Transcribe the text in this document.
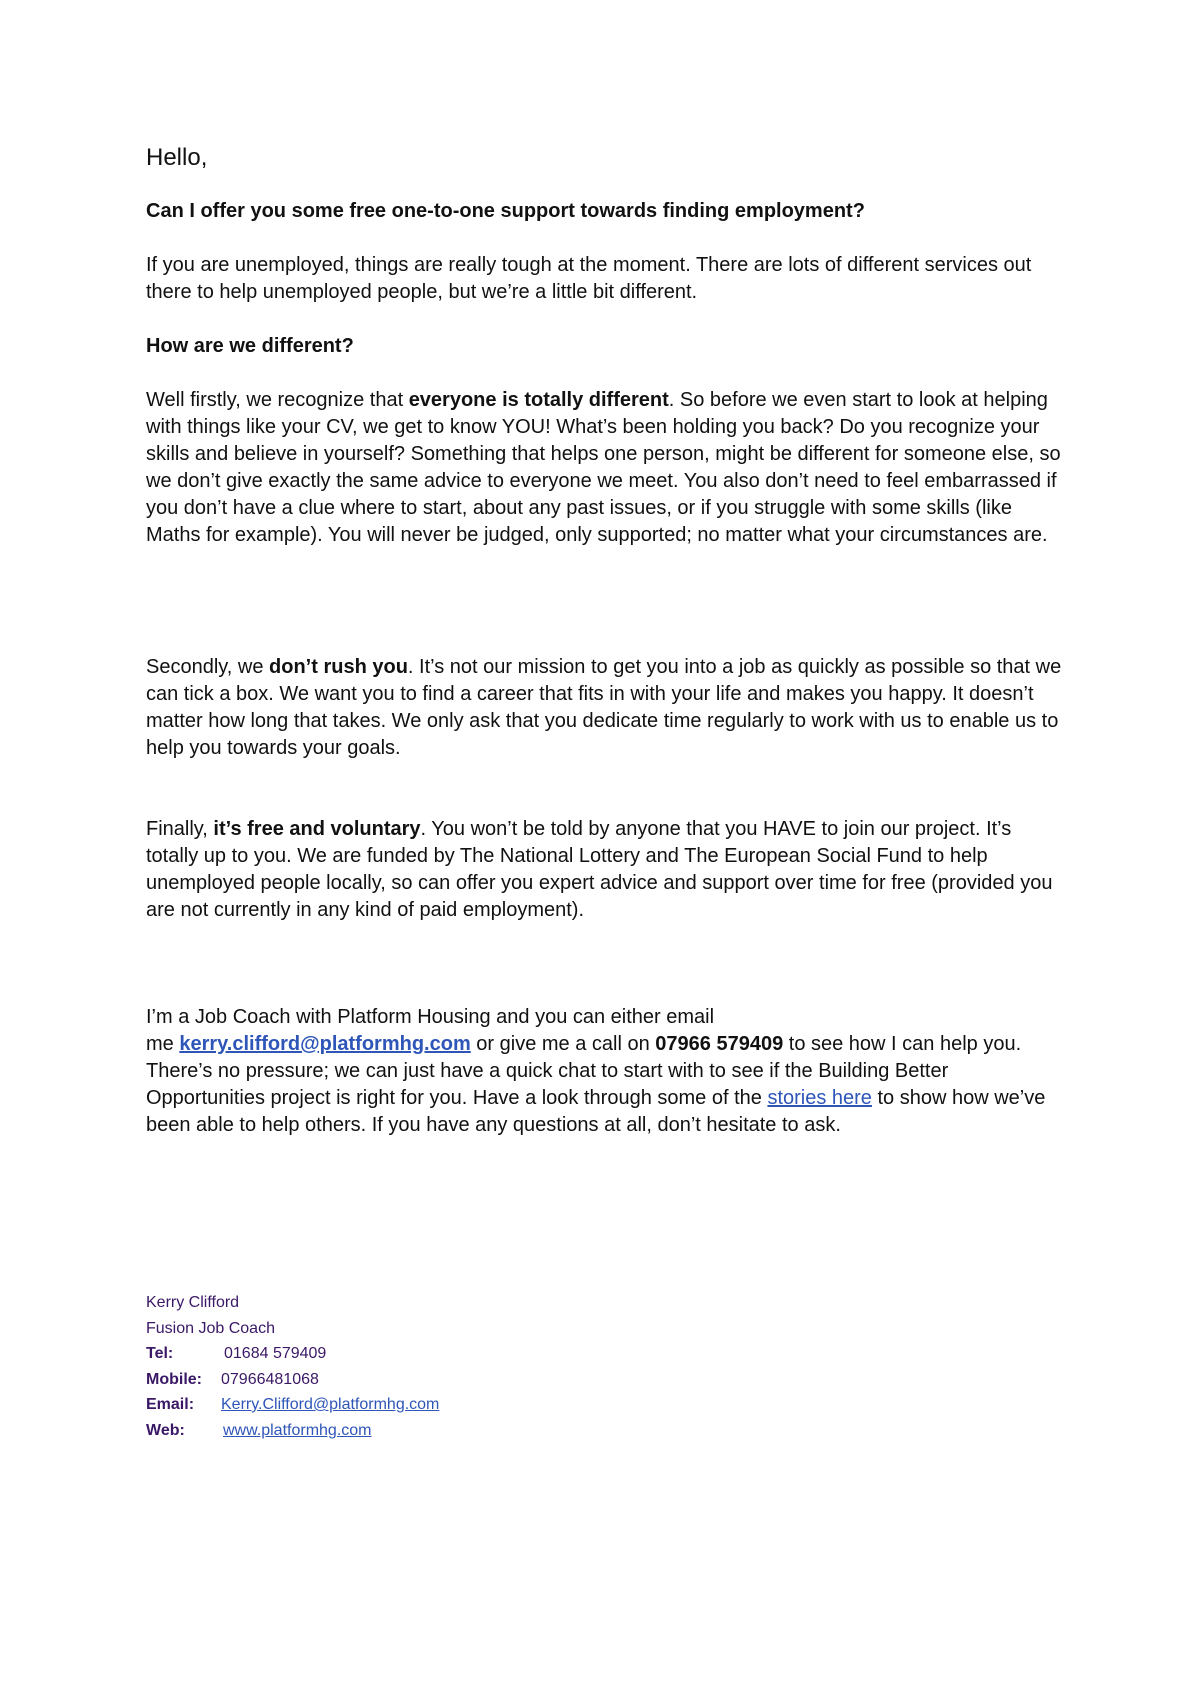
Hello,

Can I offer you some free one-to-one support towards finding employment?

If you are unemployed, things are really tough at the moment. There are lots of different services out there to help unemployed people, but we’re a little bit different.

How are we different?

Well firstly, we recognize that everyone is totally different. So before we even start to look at helping with things like your CV, we get to know YOU! What’s been holding you back? Do you recognize your skills and believe in yourself? Something that helps one person, might be different for someone else, so we don’t give exactly the same advice to everyone we meet. You also don’t need to feel embarrassed if you don’t have a clue where to start, about any past issues, or if you struggle with some skills (like Maths for example). You will never be judged, only supported; no matter what your circumstances are.

Secondly, we don’t rush you. It’s not our mission to get you into a job as quickly as possible so that we can tick a box. We want you to find a career that fits in with your life and makes you happy. It doesn’t matter how long that takes. We only ask that you dedicate time regularly to work with us to enable us to help you towards your goals.

Finally, it’s free and voluntary. You won’t be told by anyone that you HAVE to join our project. It’s totally up to you. We are funded by The National Lottery and The European Social Fund to help unemployed people locally, so can offer you expert advice and support over time for free (provided you are not currently in any kind of paid employment).

I’m a Job Coach with Platform Housing and you can either email
me kerry.clifford@platformhg.com or give me a call on 07966 579409 to see how I can help you. There’s no pressure; we can just have a quick chat to start with to see if the Building Better Opportunities project is right for you. Have a look through some of the stories here to show how we’ve been able to help others. If you have any questions at all, don’t hesitate to ask.

Kerry Clifford
Fusion Job Coach
Tel:	01684 579409
Mobile:	07966481068
Email:	Kerry.Clifford@platformhg.com
Web:	www.platformhg.com
